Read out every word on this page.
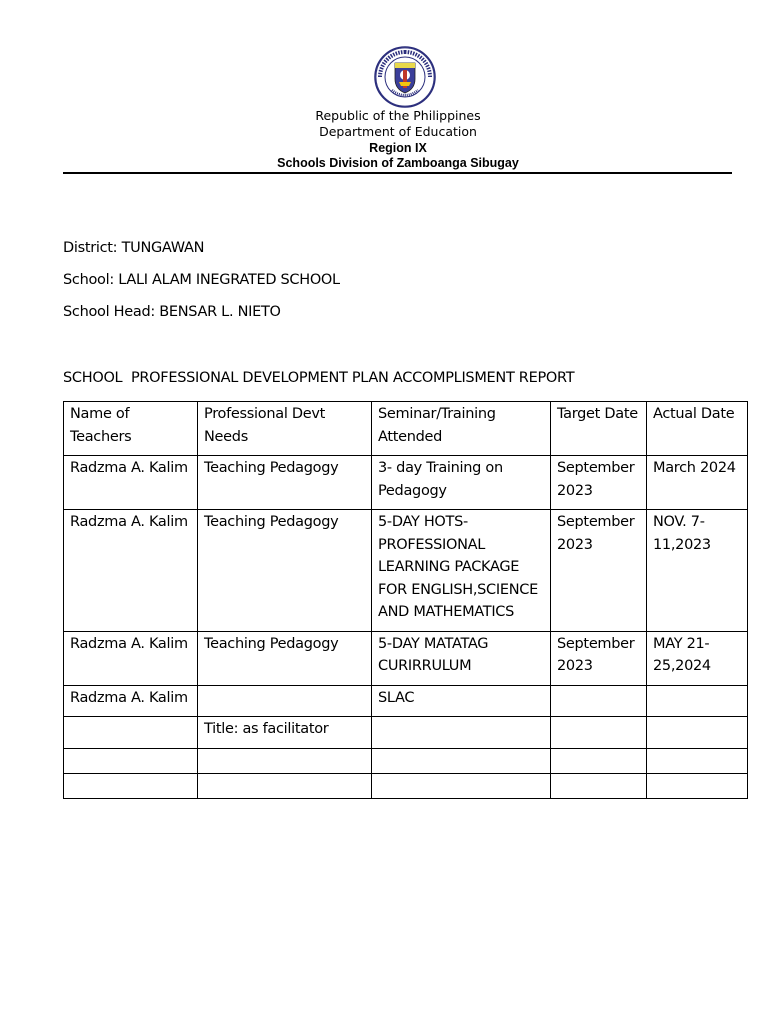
Republic of the Philippines
Department of Education
Region IX
Schools Division of Zamboanga Sibugay
District: TUNGAWAN
School: LALI ALAM INEGRATED SCHOOL
School Head: BENSAR L. NIETO
SCHOOL  PROFESSIONAL DEVELOPMENT PLAN ACCOMPLISMENT REPORT
Name of Teachers	Professional Devt Needs	Seminar/Training Attended	Target Date	Actual Date
Radzma A. Kalim	Teaching Pedagogy	3- day Training on Pedagogy	September 2023	March 2024
Radzma A. Kalim	Teaching Pedagogy	5-DAY HOTS-PROFESSIONAL LEARNING PACKAGE FOR ENGLISH,SCIENCE AND MATHEMATICS	September 2023	NOV. 7-11,2023
Radzma A. Kalim	Teaching Pedagogy	5-DAY MATATAG CURIRRULUM	September 2023	MAY 21-25,2024
Radzma A. Kalim		SLAC		
	Title: as facilitator			
